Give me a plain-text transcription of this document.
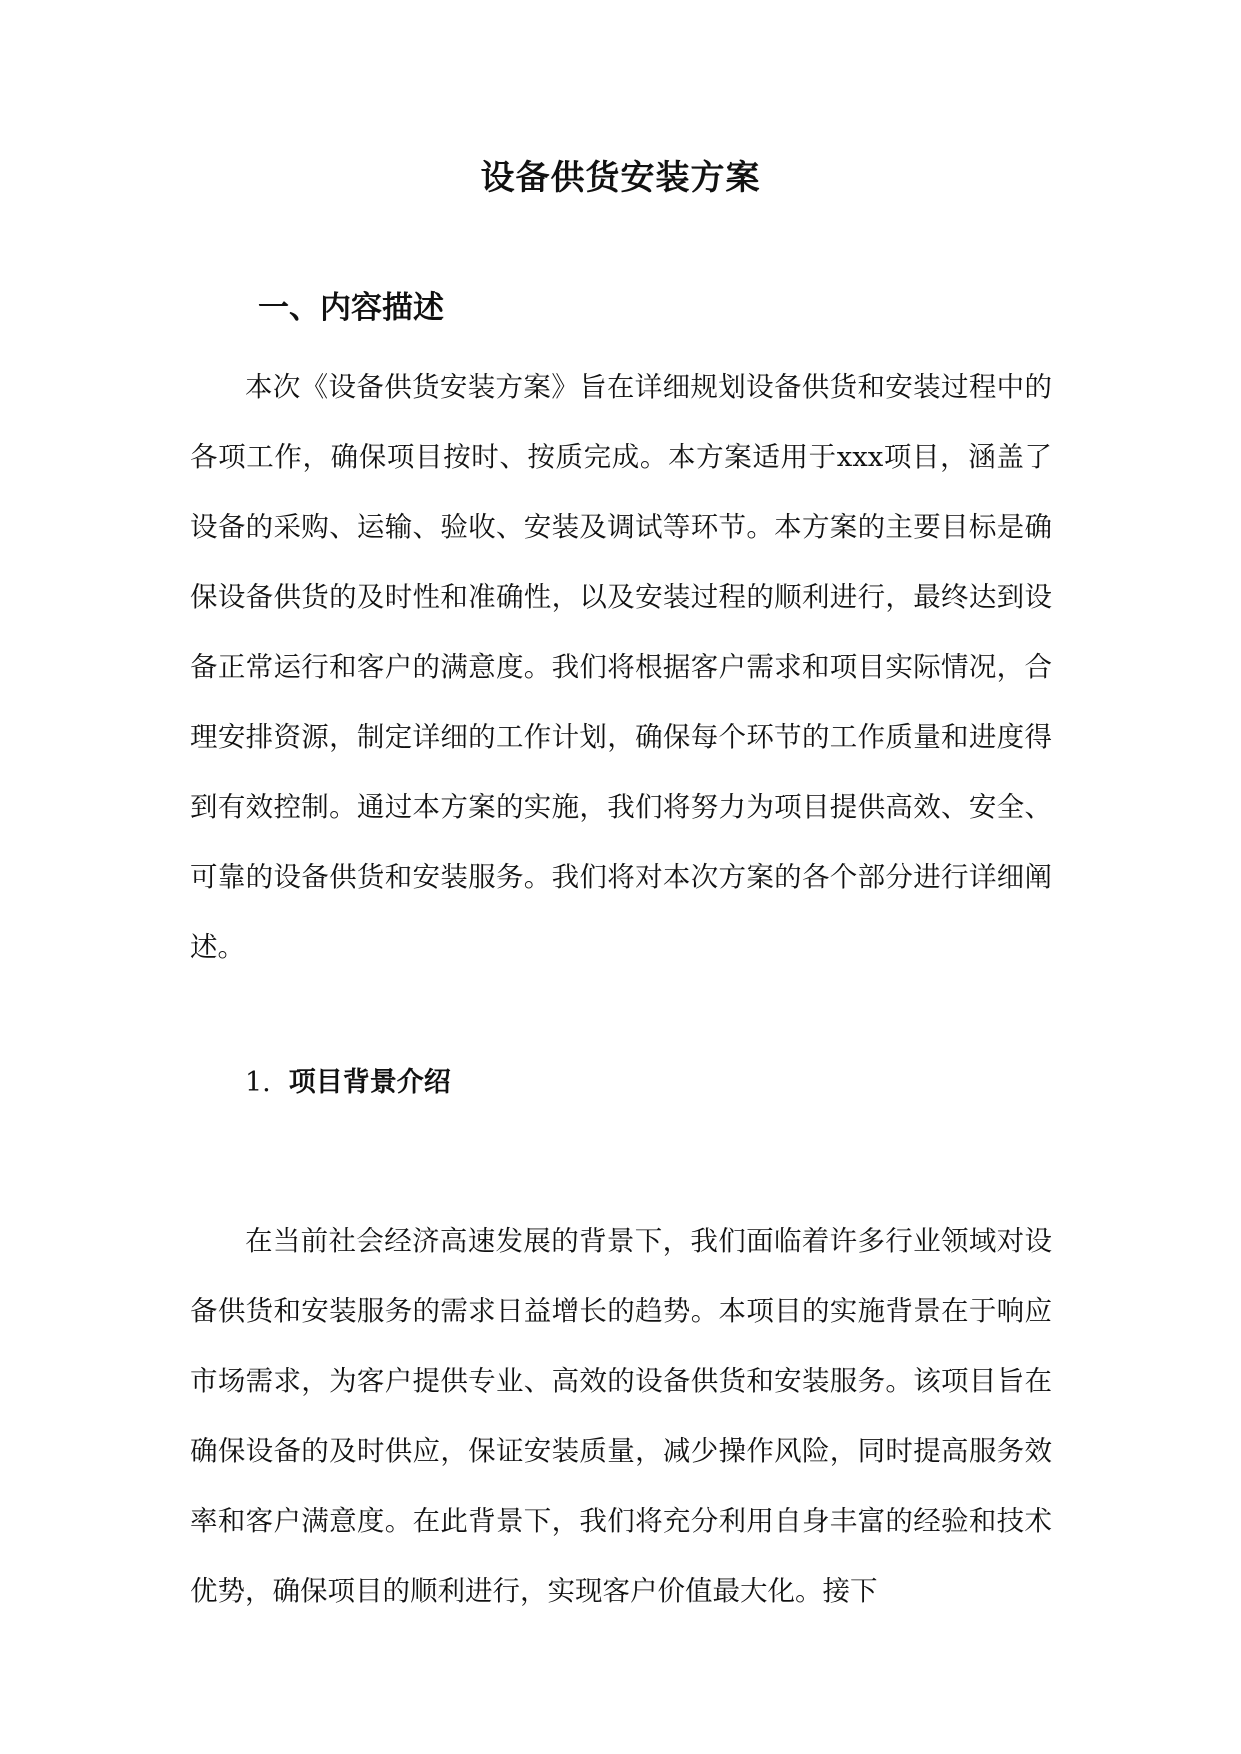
设备供货安装方案
一、内容描述

本次《设备供货安装方案》旨在详细规划设备供货和安装过程中的各项工作，确保项目按时、按质完成。本方案适用于xxx项目，涵盖了设备的采购、运输、验收、安装及调试等环节。本方案的主要目标是确保设备供货的及时性和准确性，以及安装过程的顺利进行，最终达到设备正常运行和客户的满意度。我们将根据客户需求和项目实际情况，合理安排资源，制定详细的工作计划，确保每个环节的工作质量和进度得到有效控制。通过本方案的实施，我们将努力为项目提供高效、安全、可靠的设备供货和安装服务。我们将对本次方案的各个部分进行详细阐述。

1. 项目背景介绍

在当前社会经济高速发展的背景下，我们面临着许多行业领域对设备供货和安装服务的需求日益增长的趋势。本项目的实施背景在于响应市场需求，为客户提供专业、高效的设备供货和安装服务。该项目旨在确保设备的及时供应，保证安装质量，减少操作风险，同时提高服务效率和客户满意度。在此背景下，我们将充分利用自身丰富的经验和技术优势，确保项目的顺利进行，实现客户价值最大化。接下
